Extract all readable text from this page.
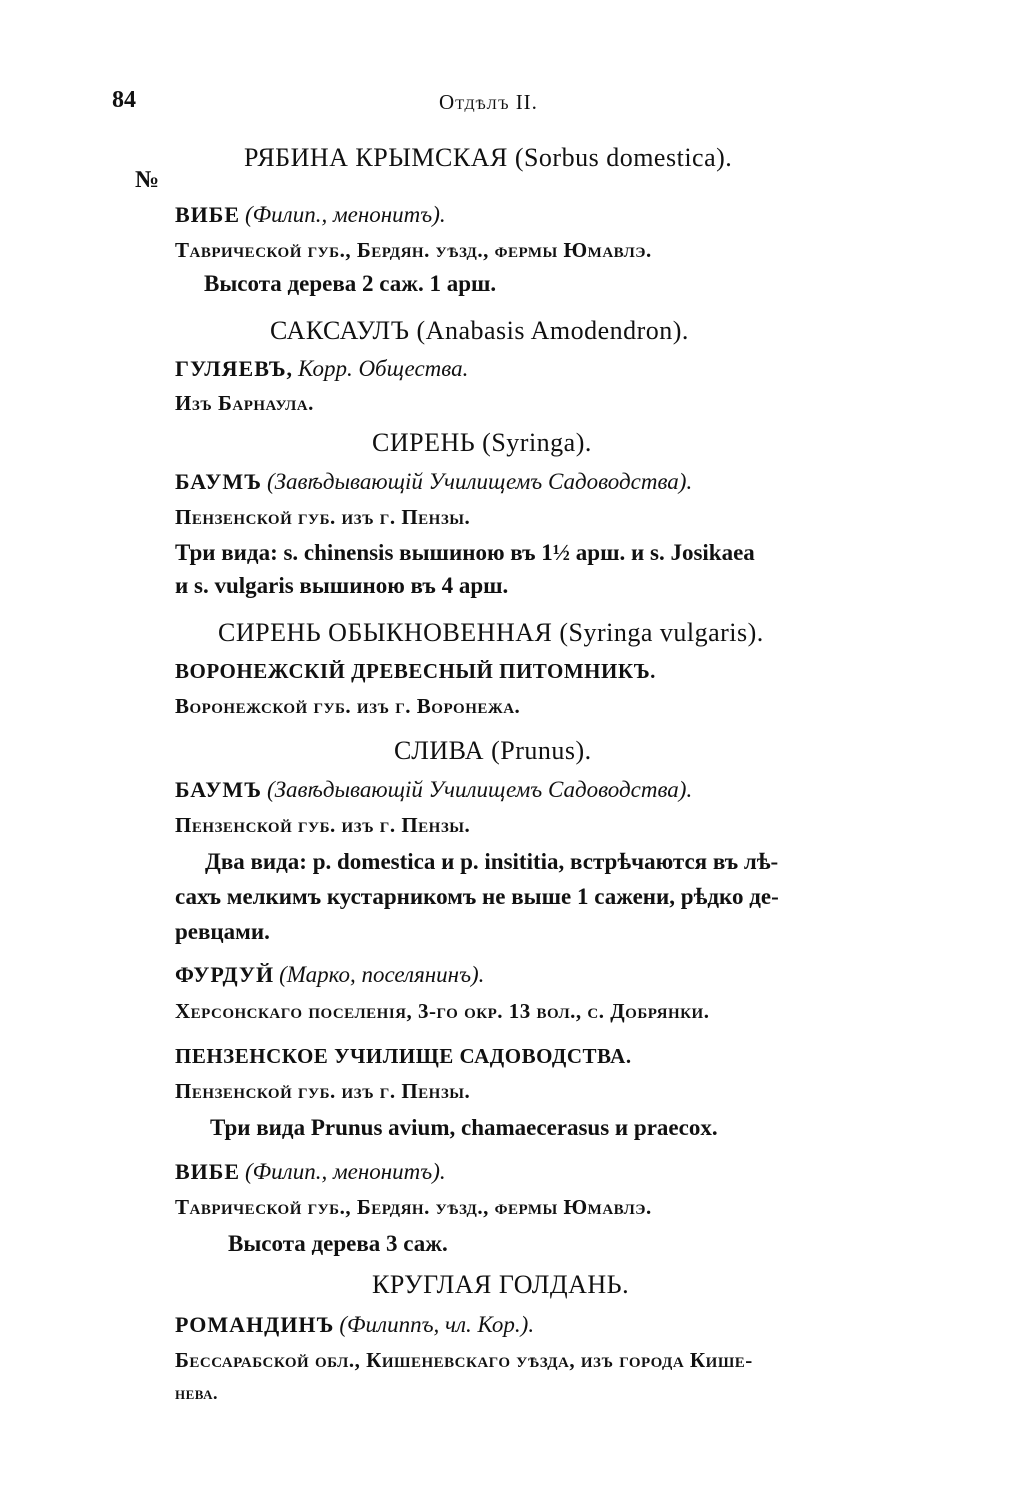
84	Отдѣлъ II.
№
РЯБИНА КРЫМСКАЯ (Sorbus domestica).
ВИБЕ (Филип., менонитъ).
Таврической губ., Бердян. уѣзд., фермы Юмавлэ.
Высота дерева 2 саж. 1 арш.
САКСАУЛЪ (Anabasis Amodendron).
ГУЛЯЕВЪ, Корр. Общества.
Изъ Барнаула.
СИРЕНЬ (Syringa).
БАУМЪ (Завѣдывающій Училищемъ Садоводства).
Пензенской губ. изъ г. Пензы.
Три вида: s. chinensis вышиною въ 1½ арш. и s. Josikaea
и s. vulgaris вышиною въ 4 арш.
СИРЕНЬ ОБЫКНОВЕННАЯ (Syringa vulgaris).
ВОРОНЕЖСКІЙ ДРЕВЕСНЫЙ ПИТОМНИКЪ.
Воронежской губ. изъ г. Воронежа.
СЛИВА (Prunus).
БАУМЪ (Завѣдывающій Училищемъ Садоводства).
Пензенской губ. изъ г. Пензы.
Два вида: p. domestica и p. insititia, встрѣчаются въ лѣ-
сахъ мелкимъ кустарникомъ не выше 1 сажени, рѣдко де-
ревцами.
ФУРДУЙ (Марко, поселянинъ).
Херсонскаго поселенія, 3-го окр. 13 вол., с. Добрянки.
ПЕНЗЕНСКОЕ УЧИЛИЩЕ САДОВОДСТВА.
Пензенской губ. изъ г. Пензы.
Три вида Prunus avium, chamaecerasus и praecox.
ВИБЕ (Филип., менонитъ).
Таврической губ., Бердян. уѣзд., фермы Юмавлэ.
Высота дерева 3 саж.
КРУГЛАЯ ГОЛДАНЬ.
РОМАНДИНЪ (Филиппъ, чл. Кор.).
Бессарабской обл., Кишеневскаго уѣзда, изъ города Кише-
нева.
